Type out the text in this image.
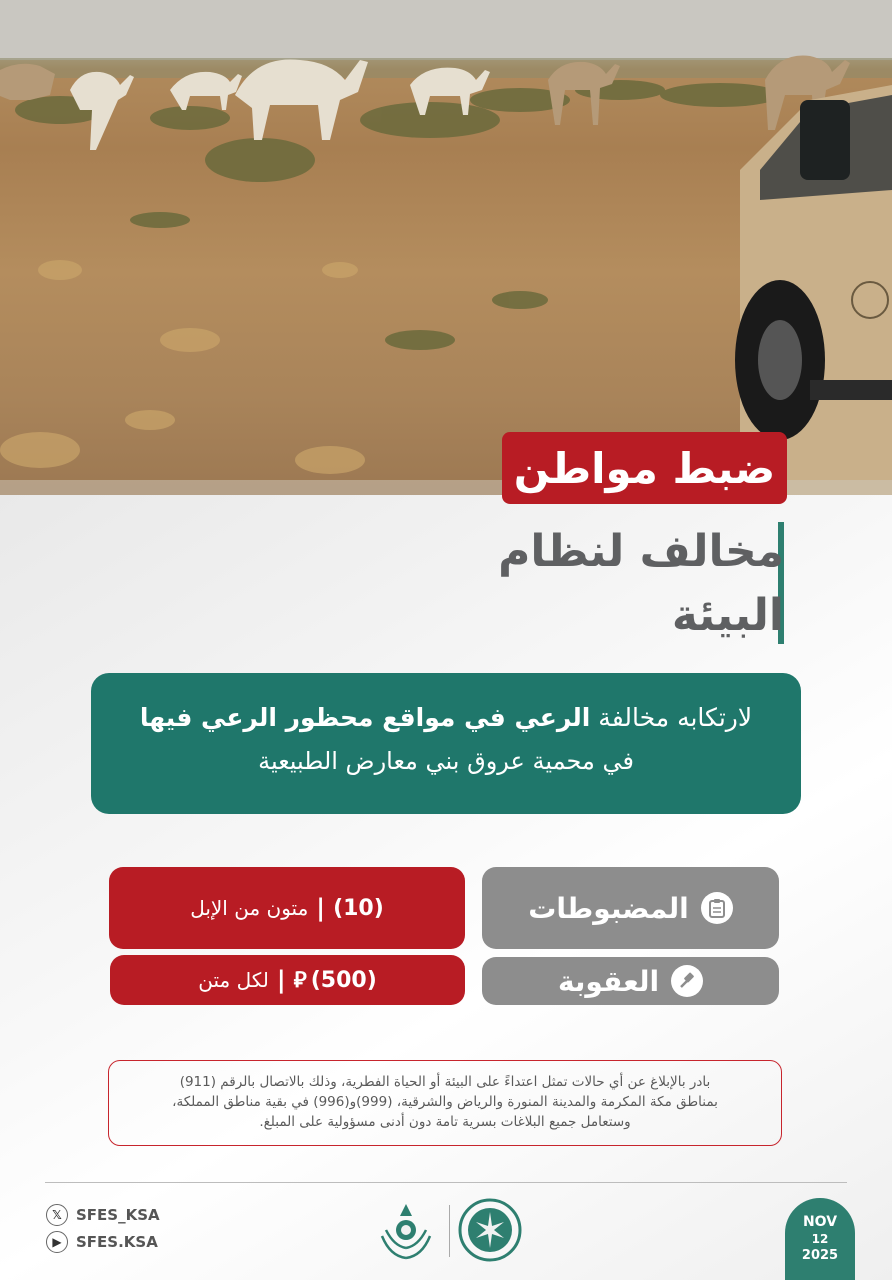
ضبط مواطن
مخالف لنظام
البيئة
لارتكابه مخالفة الرعي في مواقع محظور الرعي فيها
في محمية عروق بني معارض الطبيعية
المضبوطات
(10)
|
متون من الإبل
العقوبة
(500)
⃁
|
لكل متن
بادر بالإبلاغ عن أي حالات تمثل اعتداءً على البيئة أو الحياة الفطرية، وذلك بالاتصال بالرقم (911)
بمناطق مكة المكرمة والمدينة المنورة والرياض والشرقية، (999)و(996) في بقية مناطق المملكة،
وستعامل جميع البلاغات بسرية تامة دون أدنى مسؤولية على المبلغ.
𝕏 SFES_KSA
▶ SFES.KSA
NOV
12
2025
